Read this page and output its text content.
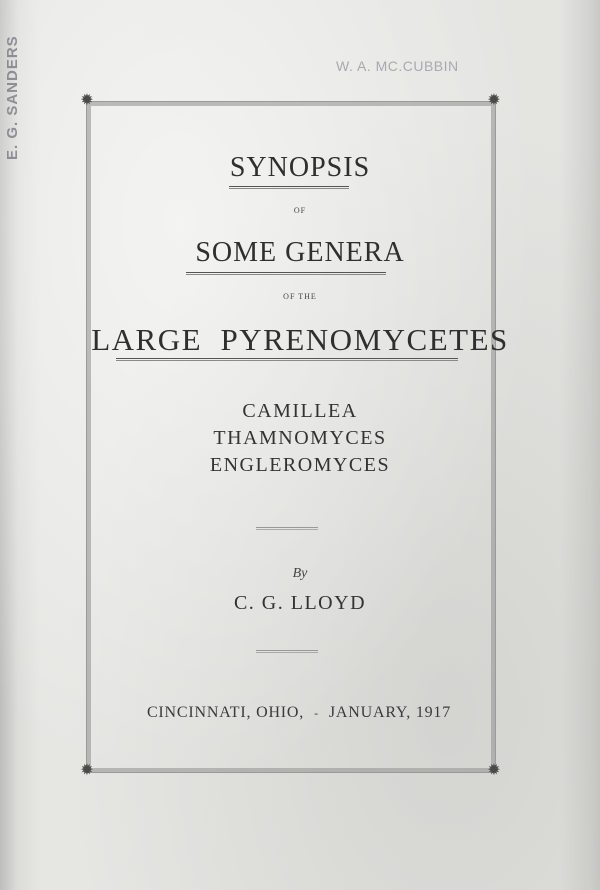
E. G. SANDERS	W. A. MC.CUBBIN
✹	✹
✹	✹
SYNOPSIS
OF
SOME GENERA
OF THE
LARGE  PYRENOMYCETES
CAMILLEA
THAMNOMYCES
ENGLEROMYCES
By
C. G. LLOYD
CINCINNATI, OHIO, - JANUARY, 1917
